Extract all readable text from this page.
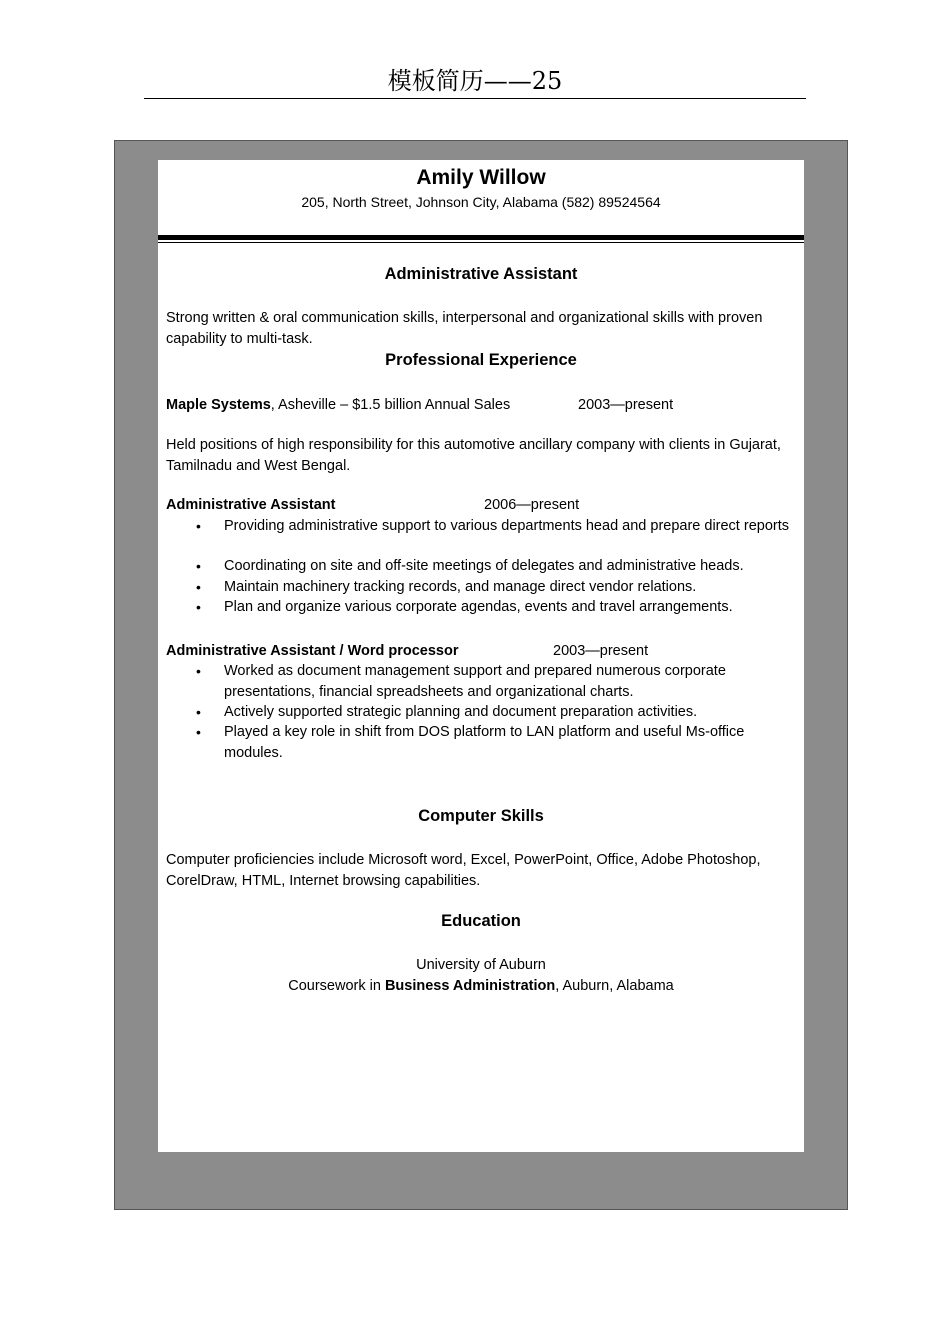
模板简历——25
Amily Willow
205, North Street, Johnson City, Alabama (582) 89524564
Administrative Assistant
Strong written & oral communication skills, interpersonal and organizational skills with proven capability to multi-task.
Professional Experience
Maple Systems, Asheville – $1.5 billion Annual Sales	2003—present
Held positions of high responsibility for this automotive ancillary company with clients in Gujarat, Tamilnadu and West Bengal.
Administrative Assistant	2006—present
• Providing administrative support to various departments head and prepare direct reports
• Coordinating on site and off-site meetings of delegates and administrative heads.
• Maintain machinery tracking records, and manage direct vendor relations.
• Plan and organize various corporate agendas, events and travel arrangements.
Administrative Assistant / Word processor	2003—present
• Worked as document management support and prepared numerous corporate presentations, financial spreadsheets and organizational charts.
• Actively supported strategic planning and document preparation activities.
• Played a key role in shift from DOS platform to LAN platform and useful Ms-office modules.
Computer Skills
Computer proficiencies include Microsoft word, Excel, PowerPoint, Office, Adobe Photoshop, CorelDraw, HTML, Internet browsing capabilities.
Education
University of Auburn
Coursework in Business Administration, Auburn, Alabama
